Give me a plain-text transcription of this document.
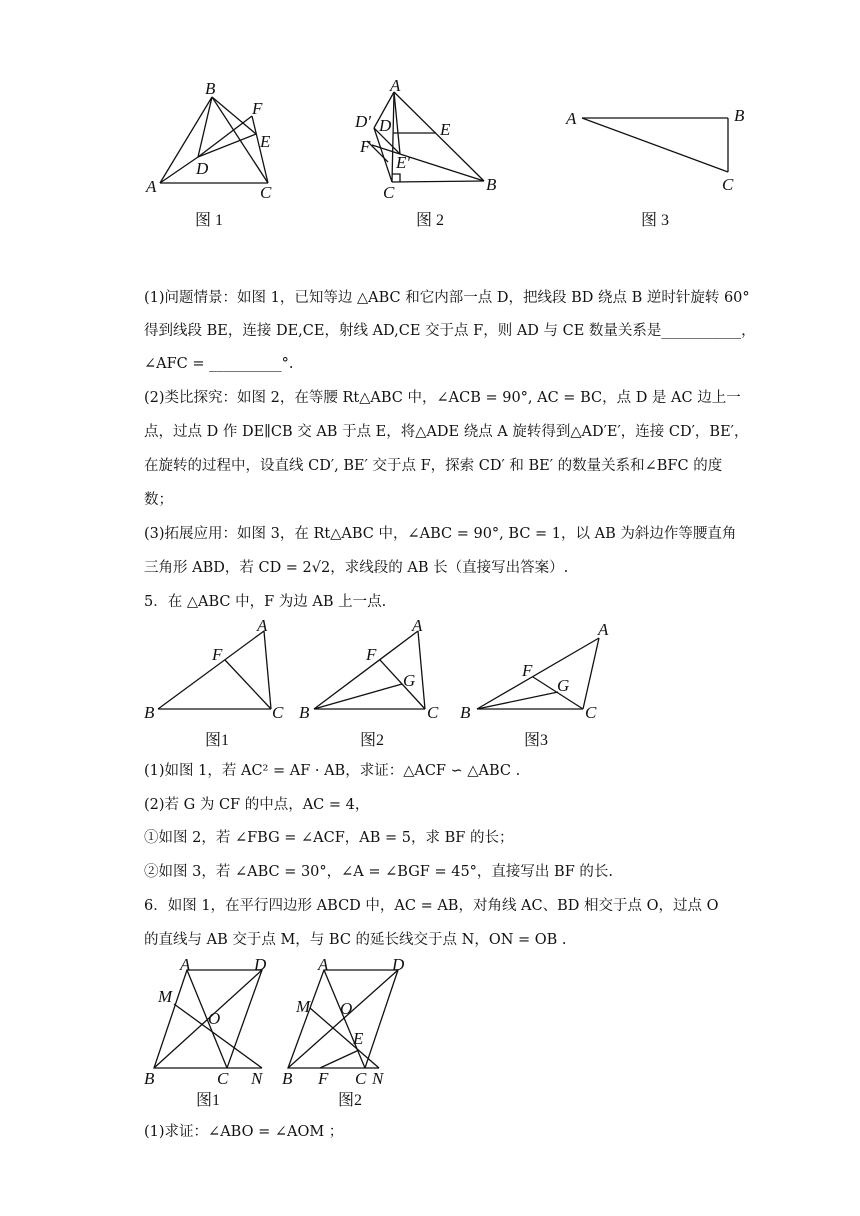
A
B
C
D
E
F
图 1
A
B
C
D
D′	E
E′
F
图 2
A	B
C
图 3
(1)问题情景：如图 1，已知等边 △ABC 和它内部一点 D，把线段 BD 绕点 B 逆时针旋转 60°
得到线段 BE，连接 DE,CE，射线 AD,CE 交于点 F，则 AD 与 CE 数量关系是___________，
∠AFC = __________°.
(2)类比探究：如图 2，在等腰 Rt△ABC 中，∠ACB = 90°, AC = BC，点 D 是 AC 边上一
点，过点 D 作 DE∥CB 交 AB 于点 E，将△ADE 绕点 A 旋转得到△AD′E′，连接 CD′，BE′，
在旋转的过程中，设直线 CD′, BE′ 交于点 F，探索 CD′ 和 BE′ 的数量关系和∠BFC 的度
数；
(3)拓展应用：如图 3，在 Rt△ABC 中，∠ABC = 90°, BC = 1，以 AB 为斜边作等腰直角
三角形 ABD，若 CD = 2√2，求线段的 AB 长（直接写出答案）.
5．在 △ABC 中，F 为边 AB 上一点.
B
A
C
F
图1
B
A
C
F
G
图2
B
A
C
F
G
图3
(1)如图 1，若 AC² = AF · AB，求证：△ACF ∽ △ABC .
(2)若 G 为 CF 的中点，AC = 4，
①如图 2，若 ∠FBG = ∠ACF，AB = 5，求 BF 的长；
②如图 3，若 ∠ABC = 30°，∠A = ∠BGF = 45°，直接写出 BF 的长.
6．如图 1，在平行四边形 ABCD 中，AC = AB，对角线 AC、BD 相交于点 O，过点 O
的直线与 AB 交于点 M，与 BC 的延长线交于点 N，ON = OB .
A	D
B	C N
M
O
图1
A	D
B F C N
M O
E
图2
(1)求证：∠ABO = ∠AOM ；
